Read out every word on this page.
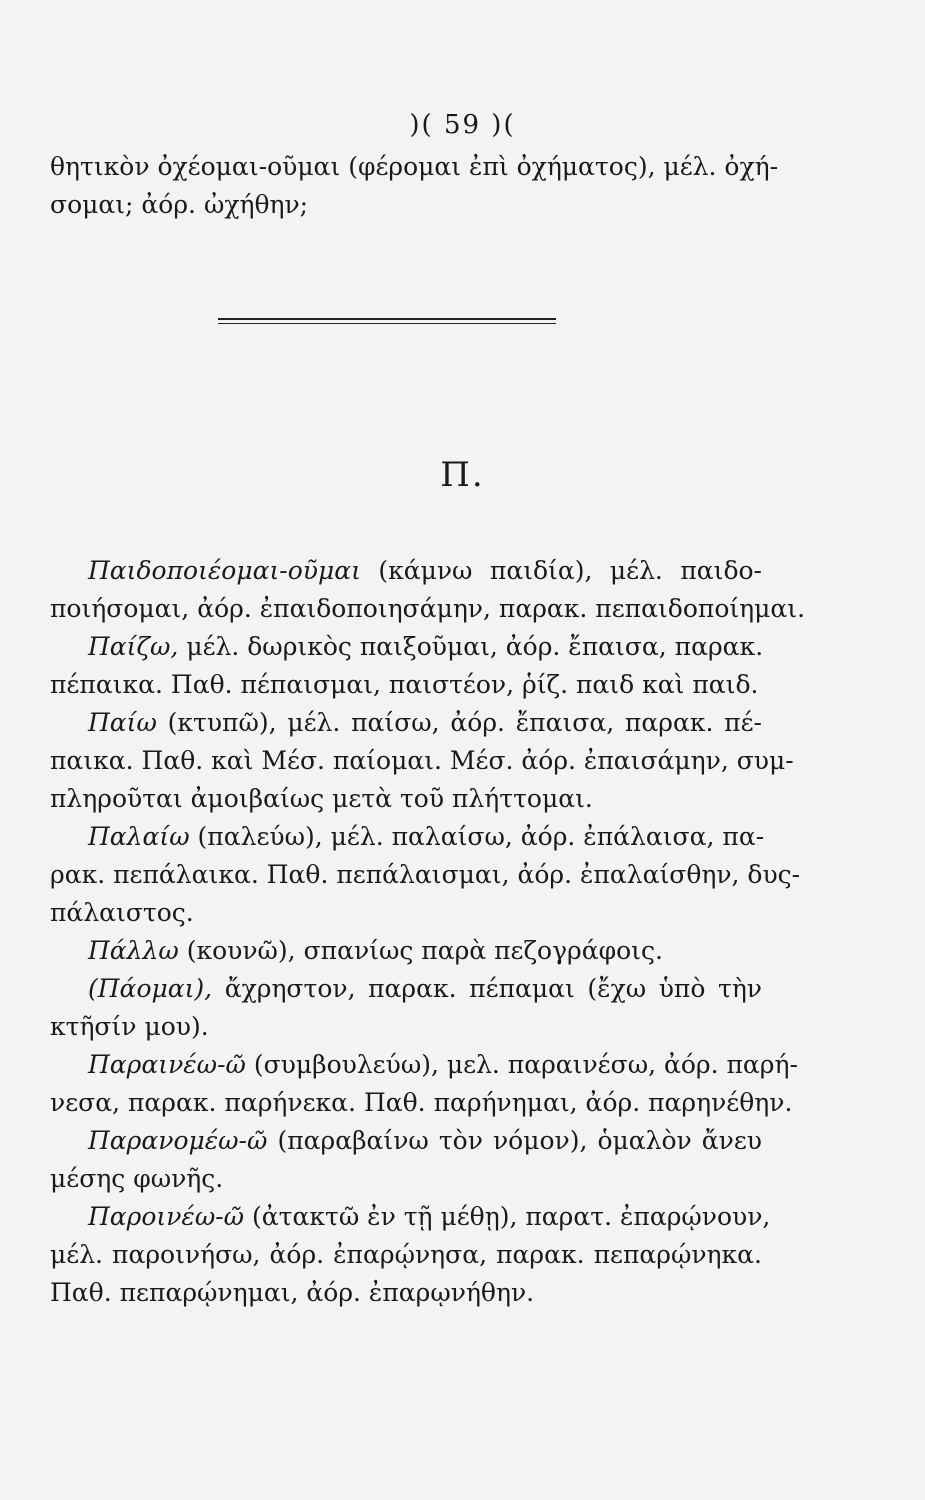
)( 59 )(
θητικὸν ὀχέομαι-οῦμαι (φέρομαι ἐπὶ ὀχήματος), μέλ. ὀχή-
σομαι; ἀόρ. ὠχήθην;
Π.
Παιδοποιέομαι-οῦμαι (κάμνω παιδία), μέλ. παιδο-
ποιήσομαι, ἀόρ. ἐπαιδοποιησάμην, παρακ. πεπαιδοποίημαι.
Παίζω, μέλ. δωρικὸς παιξοῦμαι, ἀόρ. ἔπαισα, παρακ.
πέπαικα. Παθ. πέπαισμαι, παιστέον, ῥίζ. παιδ καὶ παιδ.
Παίω (κτυπῶ), μέλ. παίσω, ἀόρ. ἔπαισα, παρακ. πέ-
παικα. Παθ. καὶ Μέσ. παίομαι. Μέσ. ἀόρ. ἐπαισάμην, συμ-
πληροῦται ἀμοιβαίως μετὰ τοῦ πλήττομαι.
Παλαίω (παλεύω), μέλ. παλαίσω, ἀόρ. ἐπάλαισα, πα-
ρακ. πεπάλαικα. Παθ. πεπάλαισμαι, ἀόρ. ἐπαλαίσθην, δυς-
πάλαιστος.
Πάλλω (κουνῶ), σπανίως παρὰ πεζογράφοις.
(Πάομαι), ἄχρηστον, παρακ. πέπαμαι (ἔχω ὑπὸ τὴν
κτῆσίν μου).
Παραινέω-ῶ (συμβουλεύω), μελ. παραινέσω, ἀόρ. παρή-
νεσα, παρακ. παρήνεκα. Παθ. παρήνημαι, ἀόρ. παρηνέθην.
Παρανομέω-ῶ (παραβαίνω τὸν νόμον), ὁμαλὸν ἄνευ
μέσης φωνῆς.
Παροινέω-ῶ (ἀτακτῶ ἐν τῇ μέθῃ), παρατ. ἐπαρῴνουν,
μέλ. παροινήσω, ἀόρ. ἐπαρῴνησα, παρακ. πεπαρῴνηκα.
Παθ. πεπαρῴνημαι, ἀόρ. ἐπαρῳνήθην.
